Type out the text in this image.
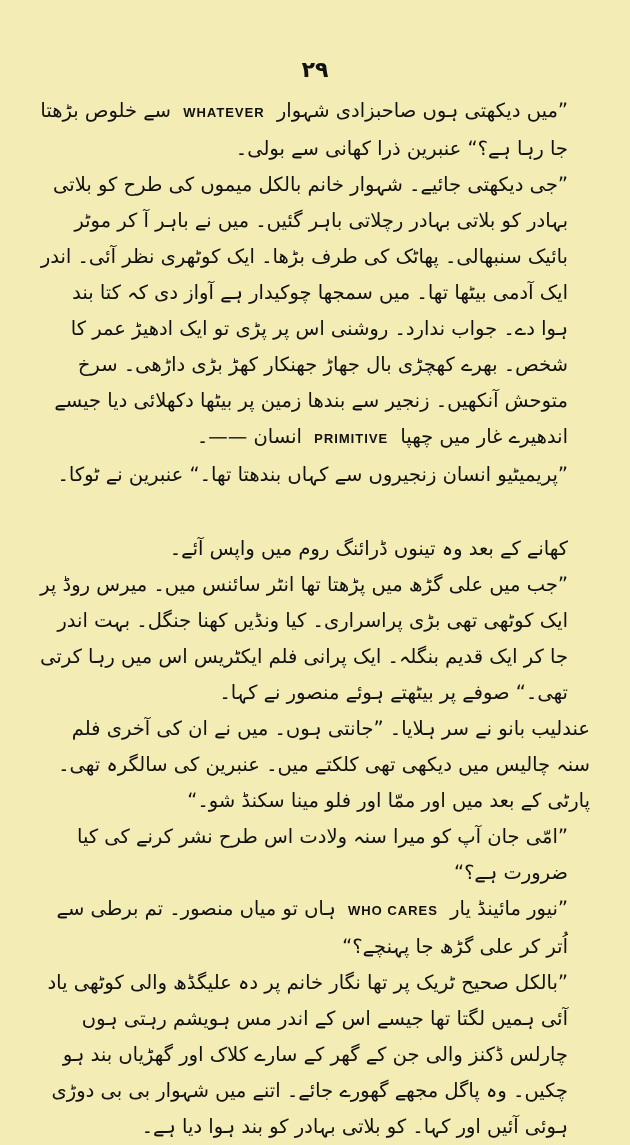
۲۹

”میں دیکھتی ہوں صاحبزادی شہوار WHATEVER سے خلوص بڑھتا جا رہا ہے؟“ عنبرین ذرا کھانی سے بولی۔

”جی دیکھتی جائیے۔ شہوار خانم بالکل میموں کی طرح کو بلاتی بہادر کو بلاتی بہادر رچلاتی باہر گئیں۔ میں نے باہر آ کر موٹر بائیک سنبھالی۔ پھاٹک کی طرف بڑھا۔ ایک کوٹھری نظر آئی۔ اندر ایک آدمی بیٹھا تھا۔ میں سمجھا چوکیدار ہے آواز دی کہ کتا بند ہوا دے۔ جواب ندارد۔ روشنی اس پر پڑی تو ایک ادھیڑ عمر کا شخص۔ بھرے کھچڑی بال جھاڑ جھنکار کھڑ بڑی داڑھی۔ سرخ متوحش آنکھیں۔ زنجیر سے بندھا زمین پر بیٹھا دکھلائی دیا جیسے اندھیرے غار میں چھپا PRIMITIVE انسان ——۔

”پریمیٹیو انسان زنجیروں سے کہاں بندھتا تھا۔“ عنبرین نے ٹوکا۔

کھانے کے بعد وہ تینوں ڈرائنگ روم میں واپس آئے۔

”جب میں علی گڑھ میں پڑھتا تھا انٹر سائنس میں۔ میرس روڈ پر ایک کوٹھی تھی بڑی پراسراری۔ کیا ونڈیں کھنا جنگل۔ بہت اندر جا کر ایک قدیم بنگلہ۔ ایک پرانی فلم ایکٹریس اس میں رہا کرتی تھی۔“ صوفے پر بیٹھتے ہوئے منصور نے کہا۔

عندلیب بانو نے سر ہلایا۔ ”جانتی ہوں۔ میں نے ان کی آخری فلم سنہ چالیس میں دیکھی تھی کلکتے میں۔ عنبرین کی سالگرہ تھی۔ پارٹی کے بعد میں اور ممّا اور فلو مینا سکنڈ شو۔“

”امّی جان آپ کو میرا سنہ ولادت اس طرح نشر کرنے کی کیا ضرورت ہے؟“

”نیور مائینڈ یار WHO CARES ہاں تو میاں منصور۔ تم برطی سے اُتر کر علی گڑھ جا پہنچے؟“

”بالکل صحیح ٹریک پر تھا نگار خانم پر دہ علیگڈھ والی کوٹھی یاد آئی ہمیں لگتا تھا جیسے اس کے اندر مس ہویشم رہتی ہوں چارلس ڈکنز والی جن کے گھر کے سارے کلاک اور گھڑیاں بند ہو چکیں۔ وہ پاگل مجھے گھورے جائے۔ اتنے میں شہوار بی بی دوڑی ہوئی آئیں اور کہا۔ کو بلاتی بہادر کو بند ہوا دیا ہے۔
